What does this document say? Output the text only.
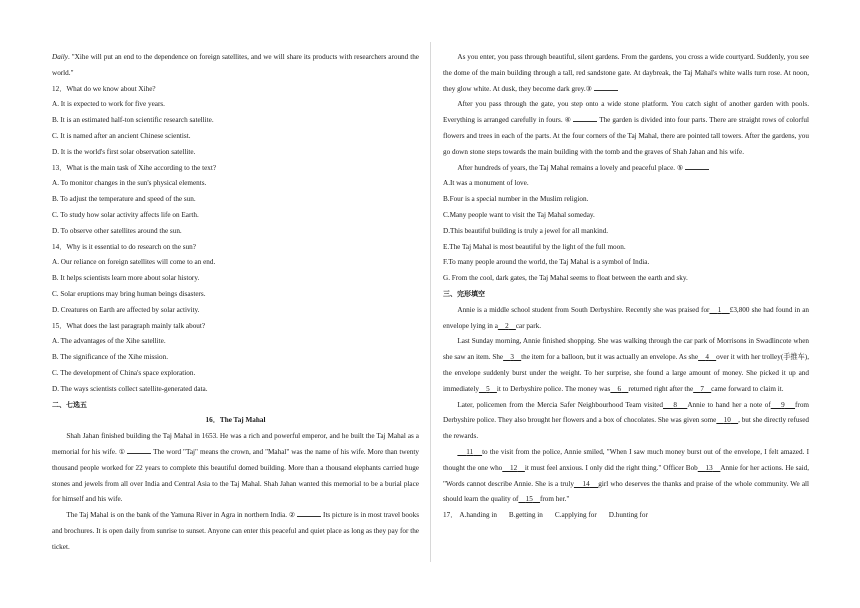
Daily. "Xihe will put an end to the dependence on foreign satellites, and we will share its products with researchers around the world."

12．What do we know about Xihe?

A. It is expected to work for five years.

B. It is an estimated half-ton scientific research satellite.

C. It is named after an ancient Chinese scientist.

D. It is the world's first solar observation satellite.

13．What is the main task of Xihe according to the text?

A. To monitor changes in the sun's physical elements.

B. To adjust the temperature and speed of the sun.

C. To study how solar activity affects life on Earth.

D. To observe other satellites around the sun.

14．Why is it essential to do research on the sun?

A. Our reliance on foreign satellites will come to an end.

B. It helps scientists learn more about solar history.

C. Solar eruptions may bring human beings disasters.

D. Creatures on Earth are affected by solar activity.

15．What does the last paragraph mainly talk about?

A. The advantages of the Xihe satellite.

B. The significance of the Xihe mission.

C. The development of China's space exploration.

D. The ways scientists collect satellite-generated data.

二、七选五

16．The Taj Mahal

Shah Jahan finished building the Taj Mahal in 1653. He was a rich and powerful emperor, and he built the Taj Mahal as a memorial for his wife. ①	The word "Taj" means the crown, and "Mahal" was the name of his wife. More than twenty thousand people worked for 22 years to complete this beautiful domed building. More than a thousand elephants carried huge stones and jewels from all over India and Central Asia to the Taj Mahal. Shah Jahan wanted this memorial to be a burial place for himself and his wife.

The Taj Mahal is on the bank of the Yamuna River in Agra in northern India. ②	Its picture is in most travel books and brochures. It is open daily from sunrise to sunset. Anyone can enter this peaceful and quiet place as long as they pay for the ticket.

As you enter, you pass through beautiful, silent gardens. From the gardens, you cross a wide courtyard. Suddenly, you see the dome of the main building through a tall, red sandstone gate. At daybreak, the Taj Mahal's white walls turn rose. At noon, they glow white. At dusk, they become dark grey.③

After you pass through the gate, you step onto a wide stone platform. You catch sight of another garden with pools. Everything is arranged carefully in fours. ④	The garden is divided into four parts. There are straight rows of colorful flowers and trees in each of the parts. At the four corners of the Taj Mahal, there are pointed tall towers. After the gardens, you go down stone steps towards the main building with the tomb and the graves of Shah Jahan and his wife.

After hundreds of years, the Taj Mahal remains a lovely and peaceful place. ⑤

A.It was a monument of love.

B.Four is a special number in the Muslim religion.

C.Many people want to visit the Taj Mahal someday.

D.This beautiful building is truly a jewel for all mankind.

E.The Taj Mahal is most beautiful by the light of the full moon.

F.To many people around the world, the Taj Mahal is a symbol of India.

G. From the cool, dark gates, the Taj Mahal seems to float between the earth and sky.

三、完形填空

Annie is a middle school student from South Derbyshire. Recently she was praised for 1 £3,800 she had found in an envelope lying in a 2 car park.

Last Sunday morning, Annie finished shopping. She was walking through the car park of Morrisons in Swadlincote when she saw an item. She 3 the item for a balloon, but it was actually an envelope. As she 4 over it with her trolley(手推车), the envelope suddenly burst under the weight. To her surprise, she found a large amount of money. She picked it up and immediately 5 it to Derbyshire police. The money was 6 returned right after the 7 came forward to claim it.

Later, policemen from the Mercia Safer Neighbourhood Team visited 8 Annie to hand her a note of 9 from Derbyshire police. They also brought her flowers and a box of chocolates. She was given some 10 , but she directly refused the rewards.

11 to the visit from the police, Annie smiled, "When I saw much money burst out of the envelope, I felt amazed. I thought the one who 12 it must feel anxious. I only did the right thing." Officer Bob 13 Annie for her actions. He said, "Words cannot describe Annie. She is a truly 14 girl who deserves the thanks and praise of the whole community. We all should learn the quality of 15 from her."

17． A.handing in B.getting in C.applying for D.hunting for
